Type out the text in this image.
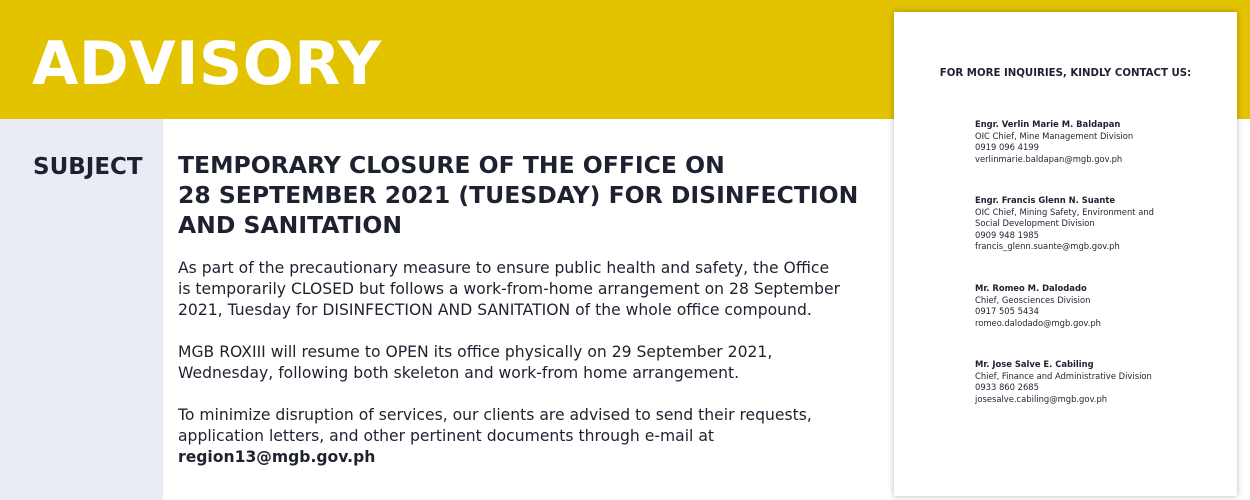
ADVISORY
SUBJECT TEMPORARY CLOSURE OF THE OFFICE ON
28 SEPTEMBER 2021 (TUESDAY) FOR DISINFECTION
AND SANITATION

As part of the precautionary measure to ensure public health and safety, the Office
is temporarily CLOSED but follows a work-from-home arrangement on 28 September
2021, Tuesday for DISINFECTION AND SANITATION of the whole office compound.

MGB ROXIII will resume to OPEN its office physically on 29 September 2021,
Wednesday, following both skeleton and work-from home arrangement.

To minimize disruption of services, our clients are advised to send their requests,
application letters, and other pertinent documents through e-mail at
region13@mgb.gov.ph

FOR MORE INQUIRIES, KINDLY CONTACT US:
Engr. Verlin Marie M. Baldapan
OIC Chief, Mine Management Division
0919 096 4199
verlinmarie.baldapan@mgb.gov.ph
Engr. Francis Glenn N. Suante
OIC Chief, Mining Safety, Environment and
Social Development Division
0909 948 1985
francis_glenn.suante@mgb.gov.ph
Mr. Romeo M. Dalodado
Chief, Geosciences Division
0917 505 5434
romeo.dalodado@mgb.gov.ph
Mr. Jose Salve E. Cabiling
Chief, Finance and Administrative Division
0933 860 2685
josesalve.cabiling@mgb.gov.ph
